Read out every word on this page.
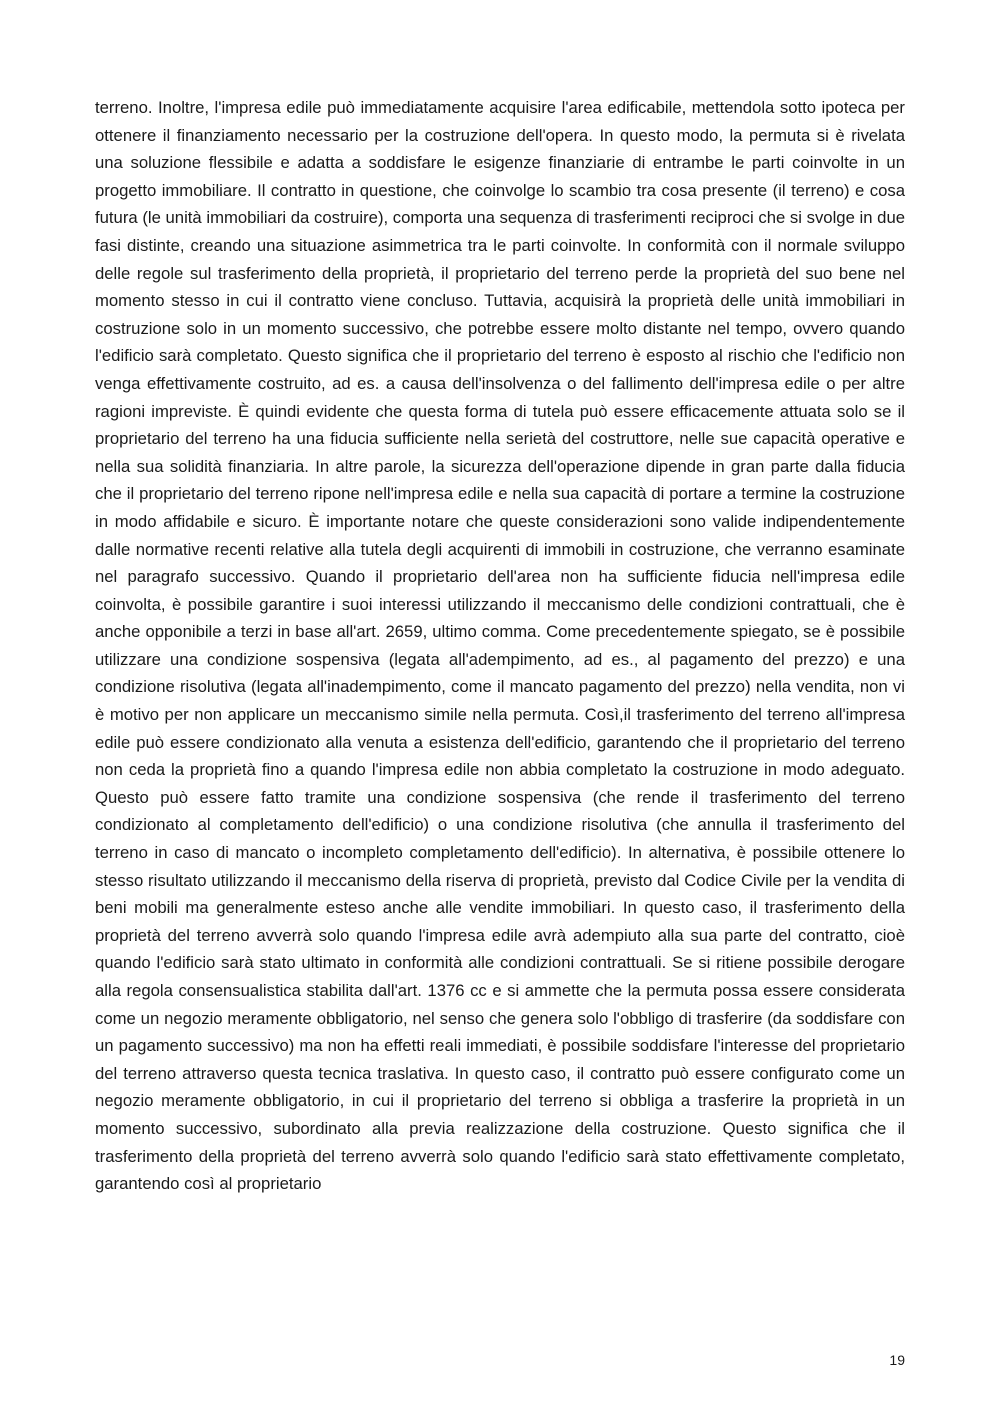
terreno. Inoltre, l'impresa edile può immediatamente acquisire l'area edificabile, mettendola sotto ipoteca per ottenere il finanziamento necessario per la costruzione dell'opera. In questo modo, la permuta si è rivelata una soluzione flessibile e adatta a soddisfare le esigenze finanziarie di entrambe le parti coinvolte in un progetto immobiliare. Il contratto in questione, che coinvolge lo scambio tra cosa presente (il terreno) e cosa futura (le unità immobiliari da costruire), comporta una sequenza di trasferimenti reciproci che si svolge in due fasi distinte, creando una situazione asimmetrica tra le parti coinvolte. In conformità con il normale sviluppo delle regole sul trasferimento della proprietà, il proprietario del terreno perde la proprietà del suo bene nel momento stesso in cui il contratto viene concluso. Tuttavia, acquisirà la proprietà delle unità immobiliari in costruzione solo in un momento successivo, che potrebbe essere molto distante nel tempo, ovvero quando l'edificio sarà completato. Questo significa che il proprietario del terreno è esposto al rischio che l'edificio non venga effettivamente costruito, ad es. a causa dell'insolvenza o del fallimento dell'impresa edile o per altre ragioni impreviste. È quindi evidente che questa forma di tutela può essere efficacemente attuata solo se il proprietario del terreno ha una fiducia sufficiente nella serietà del costruttore, nelle sue capacità operative e nella sua solidità finanziaria. In altre parole, la sicurezza dell'operazione dipende in gran parte dalla fiducia che il proprietario del terreno ripone nell'impresa edile e nella sua capacità di portare a termine la costruzione in modo affidabile e sicuro. È importante notare che queste considerazioni sono valide indipendentemente dalle normative recenti relative alla tutela degli acquirenti di immobili in costruzione, che verranno esaminate nel paragrafo successivo. Quando il proprietario dell'area non ha sufficiente fiducia nell'impresa edile coinvolta, è possibile garantire i suoi interessi utilizzando il meccanismo delle condizioni contrattuali, che è anche opponibile a terzi in base all'art. 2659, ultimo comma. Come precedentemente spiegato, se è possibile utilizzare una condizione sospensiva (legata all'adempimento, ad es., al pagamento del prezzo) e una condizione risolutiva (legata all'inadempimento, come il mancato pagamento del prezzo) nella vendita, non vi è motivo per non applicare un meccanismo simile nella permuta. Così,il trasferimento del terreno all'impresa edile può essere condizionato alla venuta a esistenza dell'edificio, garantendo che il proprietario del terreno non ceda la proprietà fino a quando l'impresa edile non abbia completato la costruzione in modo adeguato. Questo può essere fatto tramite una condizione sospensiva (che rende il trasferimento del terreno condizionato al completamento dell'edificio) o una condizione risolutiva (che annulla il trasferimento del terreno in caso di mancato o incompleto completamento dell'edificio). In alternativa, è possibile ottenere lo stesso risultato utilizzando il meccanismo della riserva di proprietà, previsto dal Codice Civile per la vendita di beni mobili ma generalmente esteso anche alle vendite immobiliari. In questo caso, il trasferimento della proprietà del terreno avverrà solo quando l'impresa edile avrà adempiuto alla sua parte del contratto, cioè quando l'edificio sarà stato ultimato in conformità alle condizioni contrattuali. Se si ritiene possibile derogare alla regola consensualistica stabilita dall'art. 1376 cc e si ammette che la permuta possa essere considerata come un negozio meramente obbligatorio, nel senso che genera solo l'obbligo di trasferire (da soddisfare con un pagamento successivo) ma non ha effetti reali immediati, è possibile soddisfare l'interesse del proprietario del terreno attraverso questa tecnica traslativa. In questo caso, il contratto può essere configurato come un negozio meramente obbligatorio, in cui il proprietario del terreno si obbliga a trasferire la proprietà in un momento successivo, subordinato alla previa realizzazione della costruzione. Questo significa che il trasferimento della proprietà del terreno avverrà solo quando l'edificio sarà stato effettivamente completato, garantendo così al proprietario

19
